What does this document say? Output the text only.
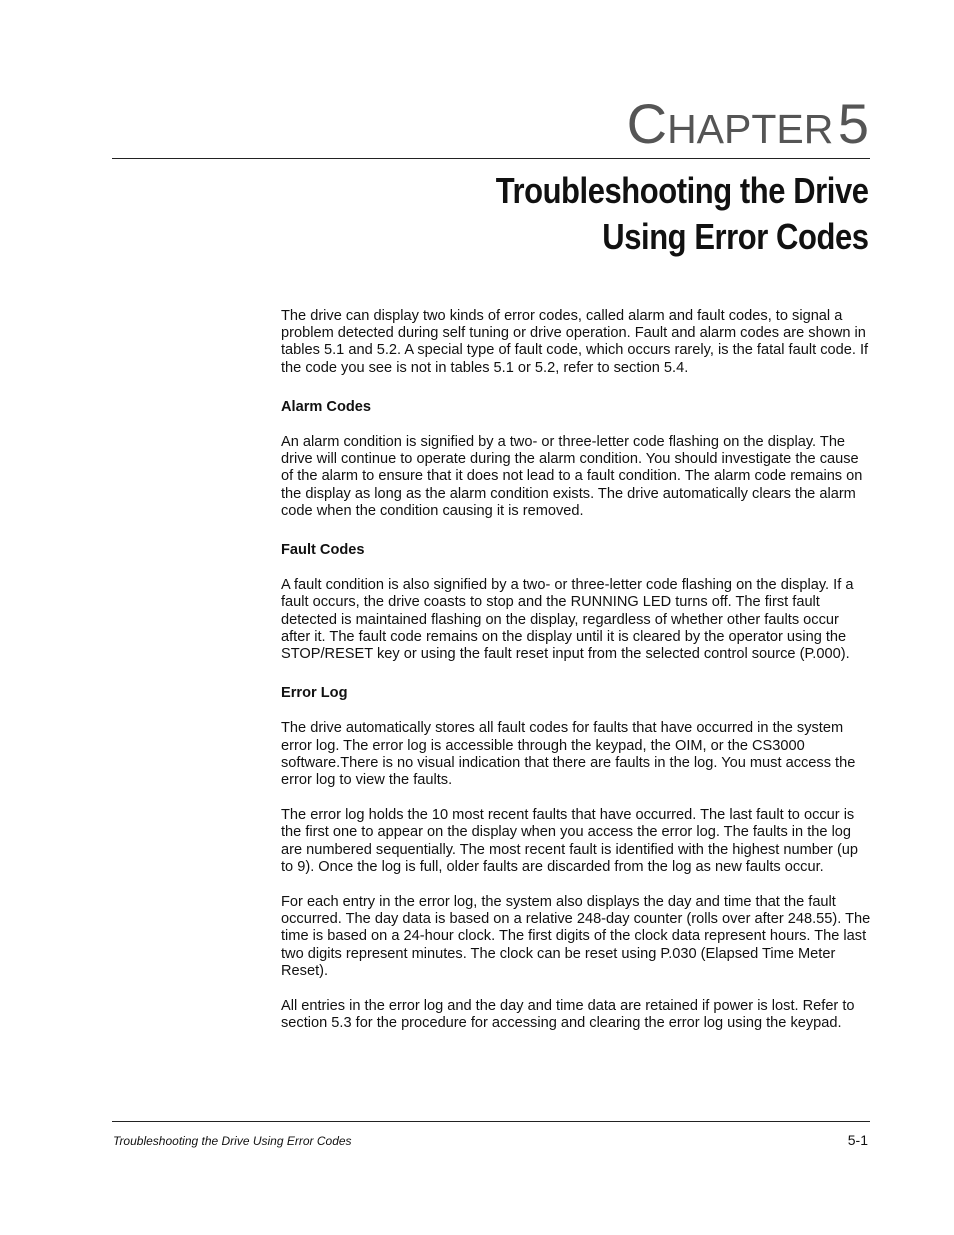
CHAPTER 5
Troubleshooting the Drive
Using Error Codes

The drive can display two kinds of error codes, called alarm and fault codes, to signal a problem detected during self tuning or drive operation. Fault and alarm codes are shown in tables 5.1 and 5.2. A special type of fault code, which occurs rarely, is the fatal fault code. If the code you see is not in tables 5.1 or 5.2, refer to section 5.4.

Alarm Codes

An alarm condition is signified by a two- or three-letter code flashing on the display. The drive will continue to operate during the alarm condition. You should investigate the cause of the alarm to ensure that it does not lead to a fault condition. The alarm code remains on the display as long as the alarm condition exists. The drive automatically clears the alarm code when the condition causing it is removed.

Fault Codes

A fault condition is also signified by a two- or three-letter code flashing on the display. If a fault occurs, the drive coasts to stop and the RUNNING LED turns off. The first fault detected is maintained flashing on the display, regardless of whether other faults occur after it. The fault code remains on the display until it is cleared by the operator using the STOP/RESET key or using the fault reset input from the selected control source (P.000).

Error Log

The drive automatically stores all fault codes for faults that have occurred in the system error log. The error log is accessible through the keypad, the OIM, or the CS3000 software.There is no visual indication that there are faults in the log. You must access the error log to view the faults.

The error log holds the 10 most recent faults that have occurred. The last fault to occur is the first one to appear on the display when you access the error log. The faults in the log are numbered sequentially. The most recent fault is identified with the highest number (up to 9). Once the log is full, older faults are discarded from the log as new faults occur.

For each entry in the error log, the system also displays the day and time that the fault occurred. The day data is based on a relative 248-day counter (rolls over after 248.55). The time is based on a 24-hour clock. The first digits of the clock data represent hours. The last two digits represent minutes. The clock can be reset using P.030 (Elapsed Time Meter Reset).

All entries in the error log and the day and time data are retained if power is lost. Refer to section 5.3 for the procedure for accessing and clearing the error log using the keypad.

Troubleshooting the Drive Using Error Codes	5-1
